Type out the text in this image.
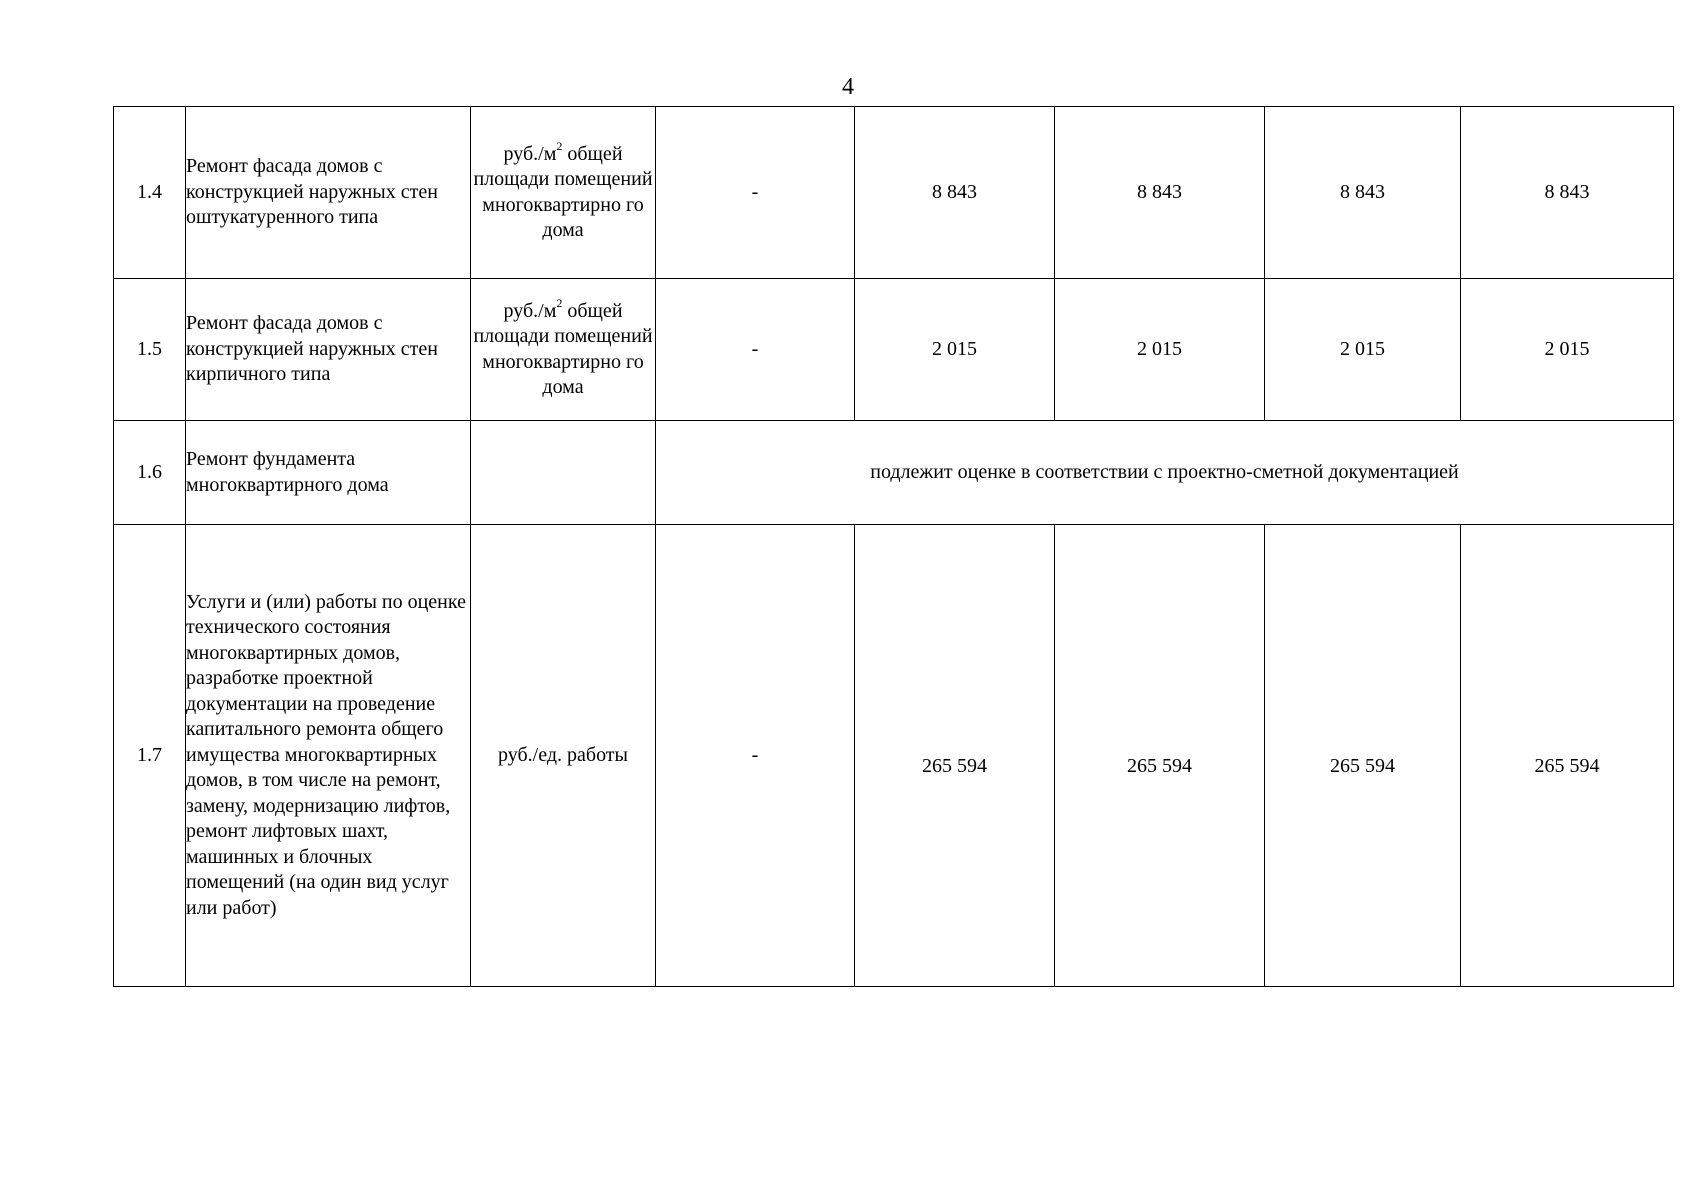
4
1.4	Ремонт фасада домов с конструкцией наружных стен оштукатуренного типа	$руб./м^2$ общей площади помещений многоквартирно го дома	-	8 843	8 843	8 843	8 843
1.5	Ремонт фасада домов с конструкцией наружных стен кирпичного типа	$руб./м^2$ общей площади помещений многоквартирно го дома	-	2 015	2 015	2 015	2 015
1.6	Ремонт фундамента многоквартирного дома		подлежит оценке в соответствии с проектно-сметной документацией				
1.7	Услуги и (или) работы по оценке технического состояния многоквартирных домов, разработке проектной документации на проведение капитального ремонта общего имущества многоквартирных домов, в том числе на ремонт, замену, модернизацию лифтов, ремонт лифтовых шахт, машинных и блочных помещений (на один вид услуг или работ)	руб./ед. работы	-	265 594	265 594	265 594	265 594
